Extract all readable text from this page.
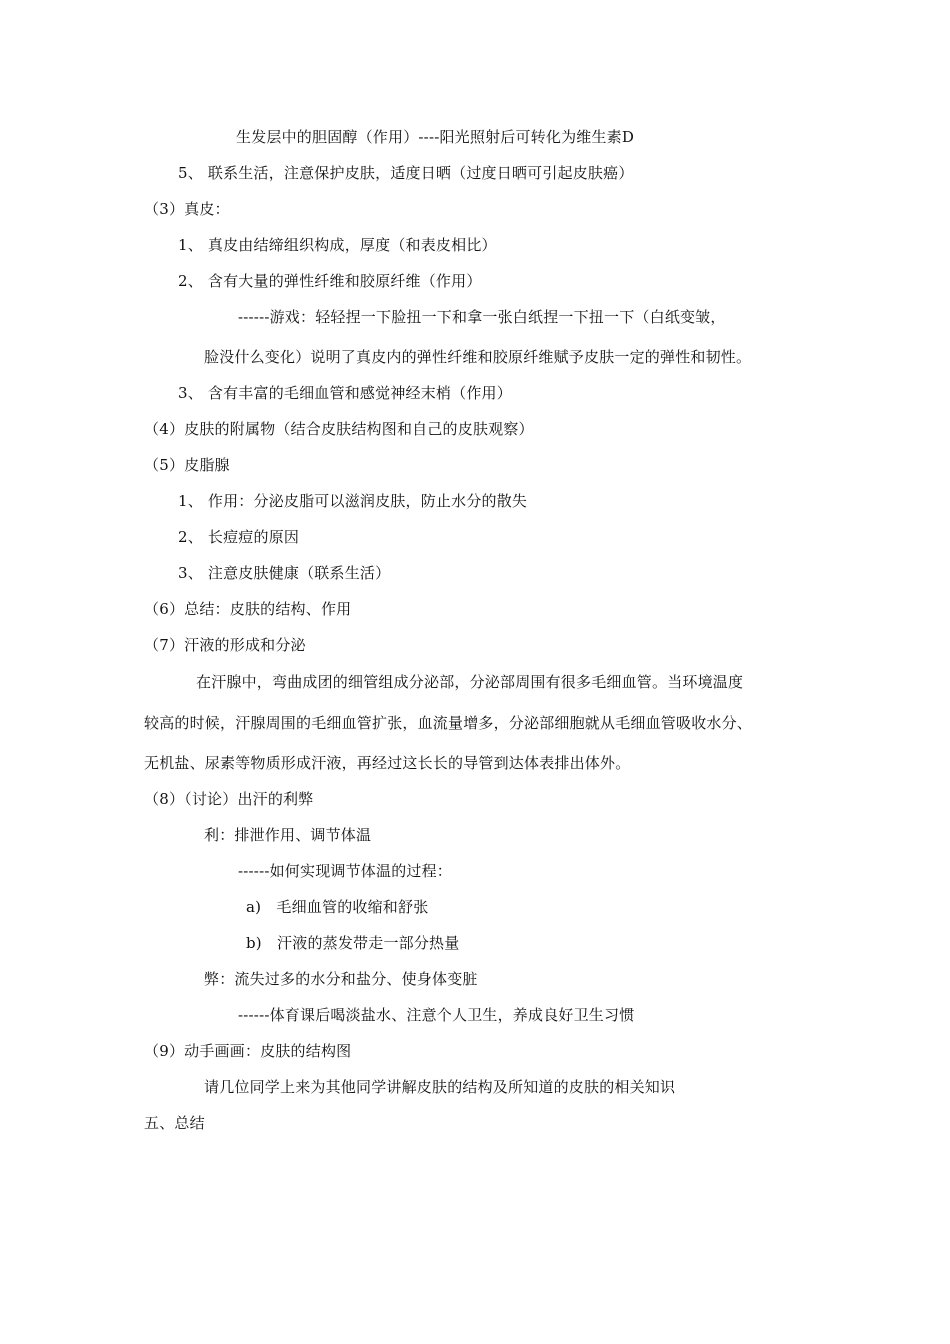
生发层中的胆固醇（作用）----阳光照射后可转化为维生素D
5、 联系生活，注意保护皮肤，适度日晒（过度日晒可引起皮肤癌）
（3）真皮：
1、 真皮由结缔组织构成，厚度（和表皮相比）
2、 含有大量的弹性纤维和胶原纤维（作用）
------游戏：轻轻捏一下脸扭一下和拿一张白纸捏一下扭一下（白纸变皱，
脸没什么变化）说明了真皮内的弹性纤维和胶原纤维赋予皮肤一定的弹性和韧性。
3、 含有丰富的毛细血管和感觉神经末梢（作用）
（4）皮肤的附属物（结合皮肤结构图和自己的皮肤观察）
（5）皮脂腺
1、 作用：分泌皮脂可以滋润皮肤，防止水分的散失
2、 长痘痘的原因
3、 注意皮肤健康（联系生活）
（6）总结：皮肤的结构、作用
（7）汗液的形成和分泌
在汗腺中，弯曲成团的细管组成分泌部，分泌部周围有很多毛细血管。当环境温度
较高的时候，汗腺周围的毛细血管扩张，血流量增多，分泌部细胞就从毛细血管吸收水分、
无机盐、尿素等物质形成汗液，再经过这长长的导管到达体表排出体外。
（8）（讨论）出汗的利弊
利：排泄作用、调节体温
------如何实现调节体温的过程：
a)　毛细血管的收缩和舒张
b)　汗液的蒸发带走一部分热量
弊：流失过多的水分和盐分、使身体变脏
------体育课后喝淡盐水、注意个人卫生，养成良好卫生习惯
（9）动手画画：皮肤的结构图
请几位同学上来为其他同学讲解皮肤的结构及所知道的皮肤的相关知识
五、总结
